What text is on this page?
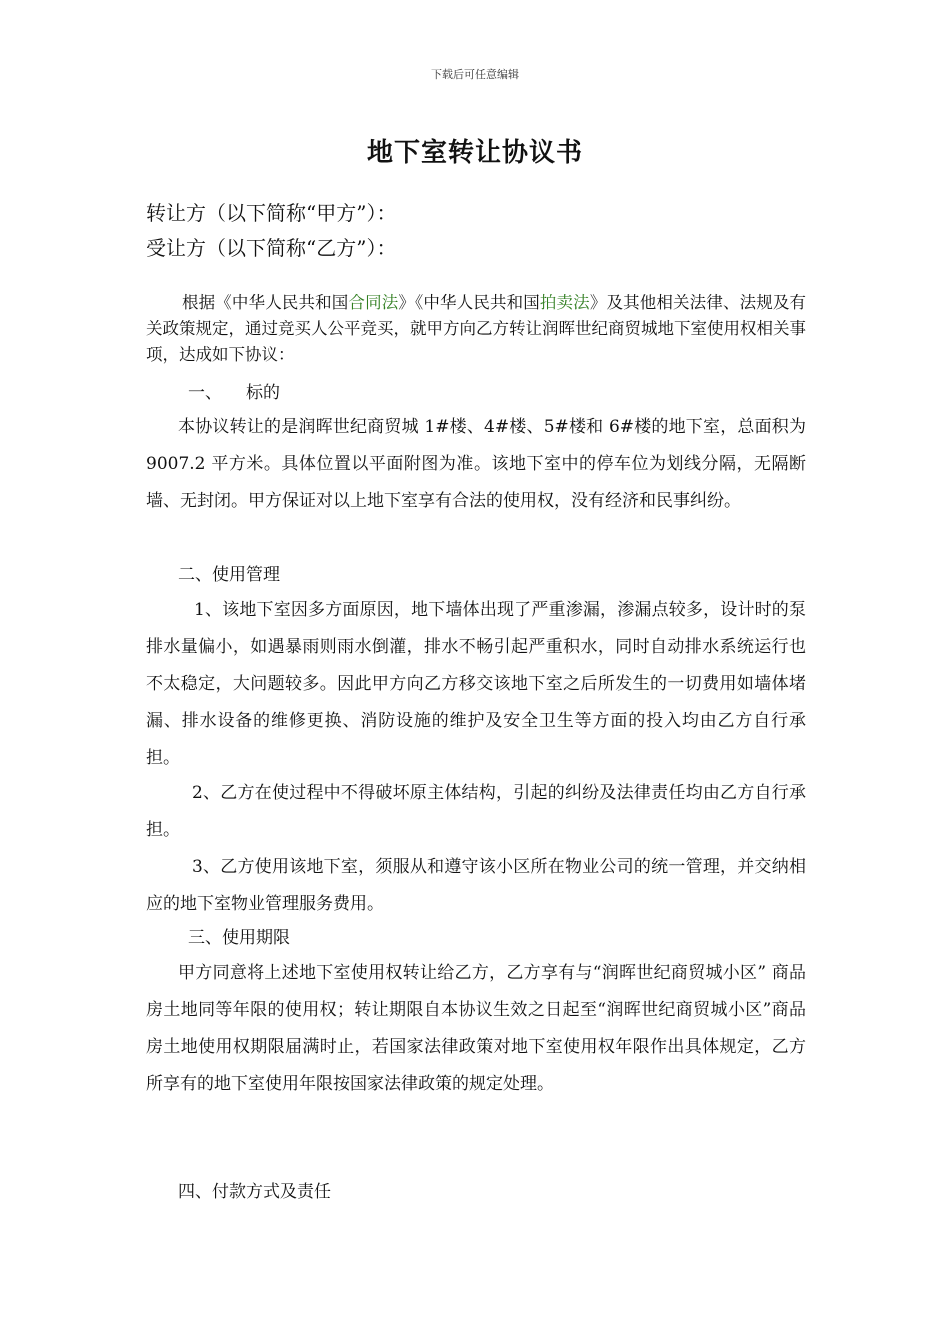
下载后可任意编辑
地下室转让协议书
转让方（以下简称“甲方”）：
受让方（以下简称“乙方”）：
根据《中华人民共和国合同法》《中华人民共和国拍卖法》及其他相关法律、法规及有关政策规定，通过竞买人公平竞买，就甲方向乙方转让润晖世纪商贸城地下室使用权相关事项，达成如下协议：
一、 标的
本协议转让的是润晖世纪商贸城 1#楼、4#楼、5#楼和 6#楼的地下室，总面积为 9007.2 平方米。具体位置以平面附图为准。该地下室中的停车位为划线分隔，无隔断墙、无封闭。甲方保证对以上地下室享有合法的使用权，没有经济和民事纠纷。
二、使用管理
1、该地下室因多方面原因，地下墙体出现了严重渗漏，渗漏点较多，设计时的泵排水量偏小，如遇暴雨则雨水倒灌，排水不畅引起严重积水，同时自动排水系统运行也不太稳定，大问题较多。因此甲方向乙方移交该地下室之后所发生的一切费用如墙体堵漏、排水设备的维修更换、消防设施的维护及安全卫生等方面的投入均由乙方自行承担。
2、乙方在使过程中不得破坏原主体结构，引起的纠纷及法律责任均由乙方自行承担。
3、乙方使用该地下室，须服从和遵守该小区所在物业公司的统一管理，并交纳相应的地下室物业管理服务费用。
三、使用期限
甲方同意将上述地下室使用权转让给乙方，乙方享有与“润晖世纪商贸城小区” 商品房土地同等年限的使用权；转让期限自本协议生效之日起至“润晖世纪商贸城小区”商品房土地使用权期限届满时止，若国家法律政策对地下室使用权年限作出具体规定，乙方所享有的地下室使用年限按国家法律政策的规定处理。
四、付款方式及责任
